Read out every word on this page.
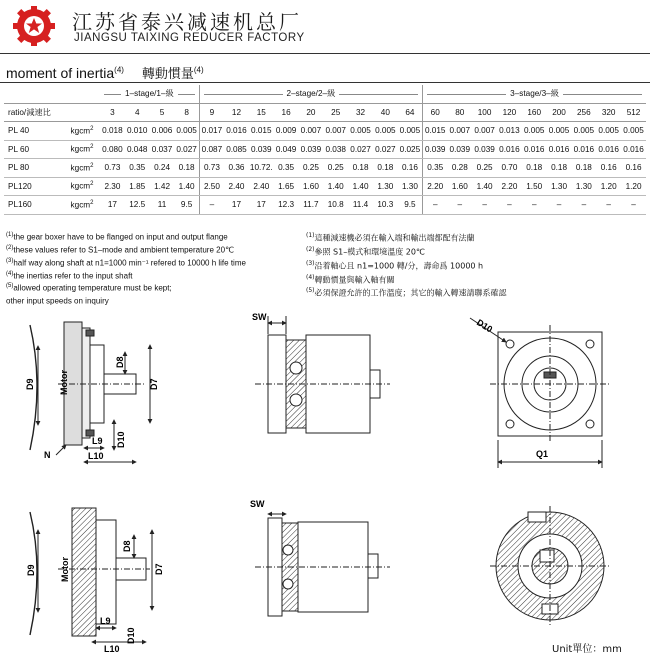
江苏省泰兴减速机总厂
JIANGSU TAIXING REDUCER FACTORY
moment of inertia$^{(4)}$ 轉動慣量$^{(4)}$
		1–stage/1–級				2–stage/2–級									3–stage/3–級								
ratio/減速比		3	4	5	8	9	12	15	16	20	25	32	40	64	60	80	100	120	160	200	256	320	512
PL 40	kgcm$^2$	0.018	0.010	0.006	0.005	0.017	0.016	0.015	0.009	0.007	0.007	0.005	0.005	0.005	0.015	0.007	0.007	0.013	0.005	0.005	0.005	0.005	0.005
PL 60	kgcm$^2$	0.080	0.048	0.037	0.027	0.087	0.085	0.039	0.049	0.039	0.038	0.027	0.027	0.025	0.039	0.039	0.039	0.016	0.016	0.016	0.016	0.016	0.016
PL 80	kgcm$^2$	0.73	0.35	0.24	0.18	0.73	0.36	10.72.	0.35	0.25	0.25	0.18	0.18	0.16	0.35	0.28	0.25	0.70	0.18	0.18	0.18	0.16	0.16
PL120	kgcm$^2$	2.30	1.85	1.42	1.40	2.50	2.40	2.40	1.65	1.60	1.40	1.40	1.30	1.30	2.20	1.60	1.40	2.20	1.50	1.30	1.30	1.20	1.20
PL160	kgcm$^2$	17	12.5	11	9.5	–	17	17	12.3	11.7	10.8	11.4	10.3	9.5	–	–	–	–	–	–	–	–	–
$^{(1)}$the gear boxer have to be flanged on input and output flange
$^{(2)}$these values refer to S1–mode and ambient temperature 20℃
$^{(3)}$half way along shaft at n1=1000 min⁻¹ refered to 10000 h life time
$^{(4)}$the inertias refer to the input shaft
$^{(5)}$allowed operating temperature must be kept;
other input speeds on inquiry
$^{(1)}$這種減速機必須在輸入端和輸出端都配有法蘭
$^{(2)}$參照 S1–模式和環境溫度 20℃
$^{(3)}$沿着軸心且 n1=1000 轉/分，壽命爲 10000 h
$^{(4)}$轉動慣量與輸入軸有關
$^{(5)}$必須保證允許的工作溫度；其它的輸入轉速請聯系確認
D9	Motor
D8
D7
L9
L10
D10
N
SW
D10
Q1
D9	Motor
D8
D7
L9
L10
D10
SW
Unit單位：mm
